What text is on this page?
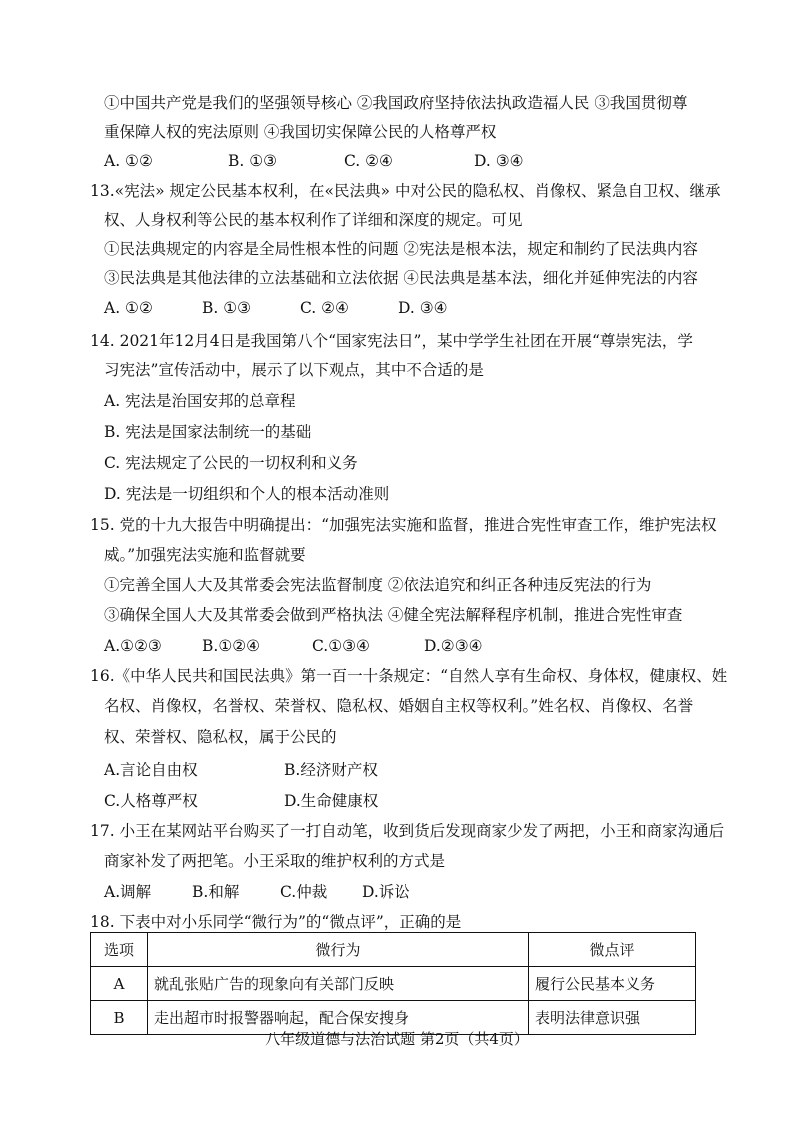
①中国共产党是我们的坚强领导核心 ②我国政府坚持依法执政造福人民 ③我国贯彻尊
重保障人权的宪法原则 ④我国切实保障公民的人格尊严权
A. ①②	B. ①③	C. ②④	D. ③④
13.«宪法» 规定公民基本权利，在«民法典» 中对公民的隐私权、肖像权、紧急自卫权、继承
权、人身权利等公民的基本权利作了详细和深度的规定。可见
①民法典规定的内容是全局性根本性的问题 ②宪法是根本法，规定和制约了民法典内容
③民法典是其他法律的立法基础和立法依据 ④民法典是基本法，细化并延伸宪法的内容
A. ①②	B. ①③	C. ②④	D. ③④
14. 2021年12月4日是我国第八个“国家宪法日”，某中学学生社团在开展“尊崇宪法，学
习宪法”宣传活动中，展示了以下观点，其中不合适的是
A. 宪法是治国安邦的总章程
B. 宪法是国家法制统一的基础
C. 宪法规定了公民的一切权利和义务
D. 宪法是一切组织和个人的根本活动准则
15. 党的十九大报告中明确提出：“加强宪法实施和监督，推进合宪性审查工作，维护宪法权
威。”加强宪法实施和监督就要
①完善全国人大及其常委会宪法监督制度 ②依法追究和纠正各种违反宪法的行为
③确保全国人大及其常委会做到严格执法 ④健全宪法解释程序机制，推进合宪性审查
A.①②③	B.①②④	C.①③④	D.②③④
16.《中华人民共和国民法典》第一百一十条规定：“自然人享有生命权、身体权，健康权、姓
名权、肖像权，名誉权、荣誉权、隐私权、婚姻自主权等权利。”姓名权、肖像权、名誉
权、荣誉权、隐私权，属于公民的
A.言论自由权	B.经济财产权
C.人格尊严权	D.生命健康权
17. 小王在某网站平台购买了一打自动笔，收到货后发现商家少发了两把，小王和商家沟通后
商家补发了两把笔。小王采取的维护权利的方式是
A.调解	B.和解	C.仲裁 D.诉讼
18. 下表中对小乐同学“微行为”的“微点评”，正确的是
选项	微行为	微点评
A	就乱张贴广告的现象向有关部门反映	履行公民基本义务
B	走出超市时报警器响起，配合保安搜身	表明法律意识强
八年级道德与法治试题 第2页（共4页）
